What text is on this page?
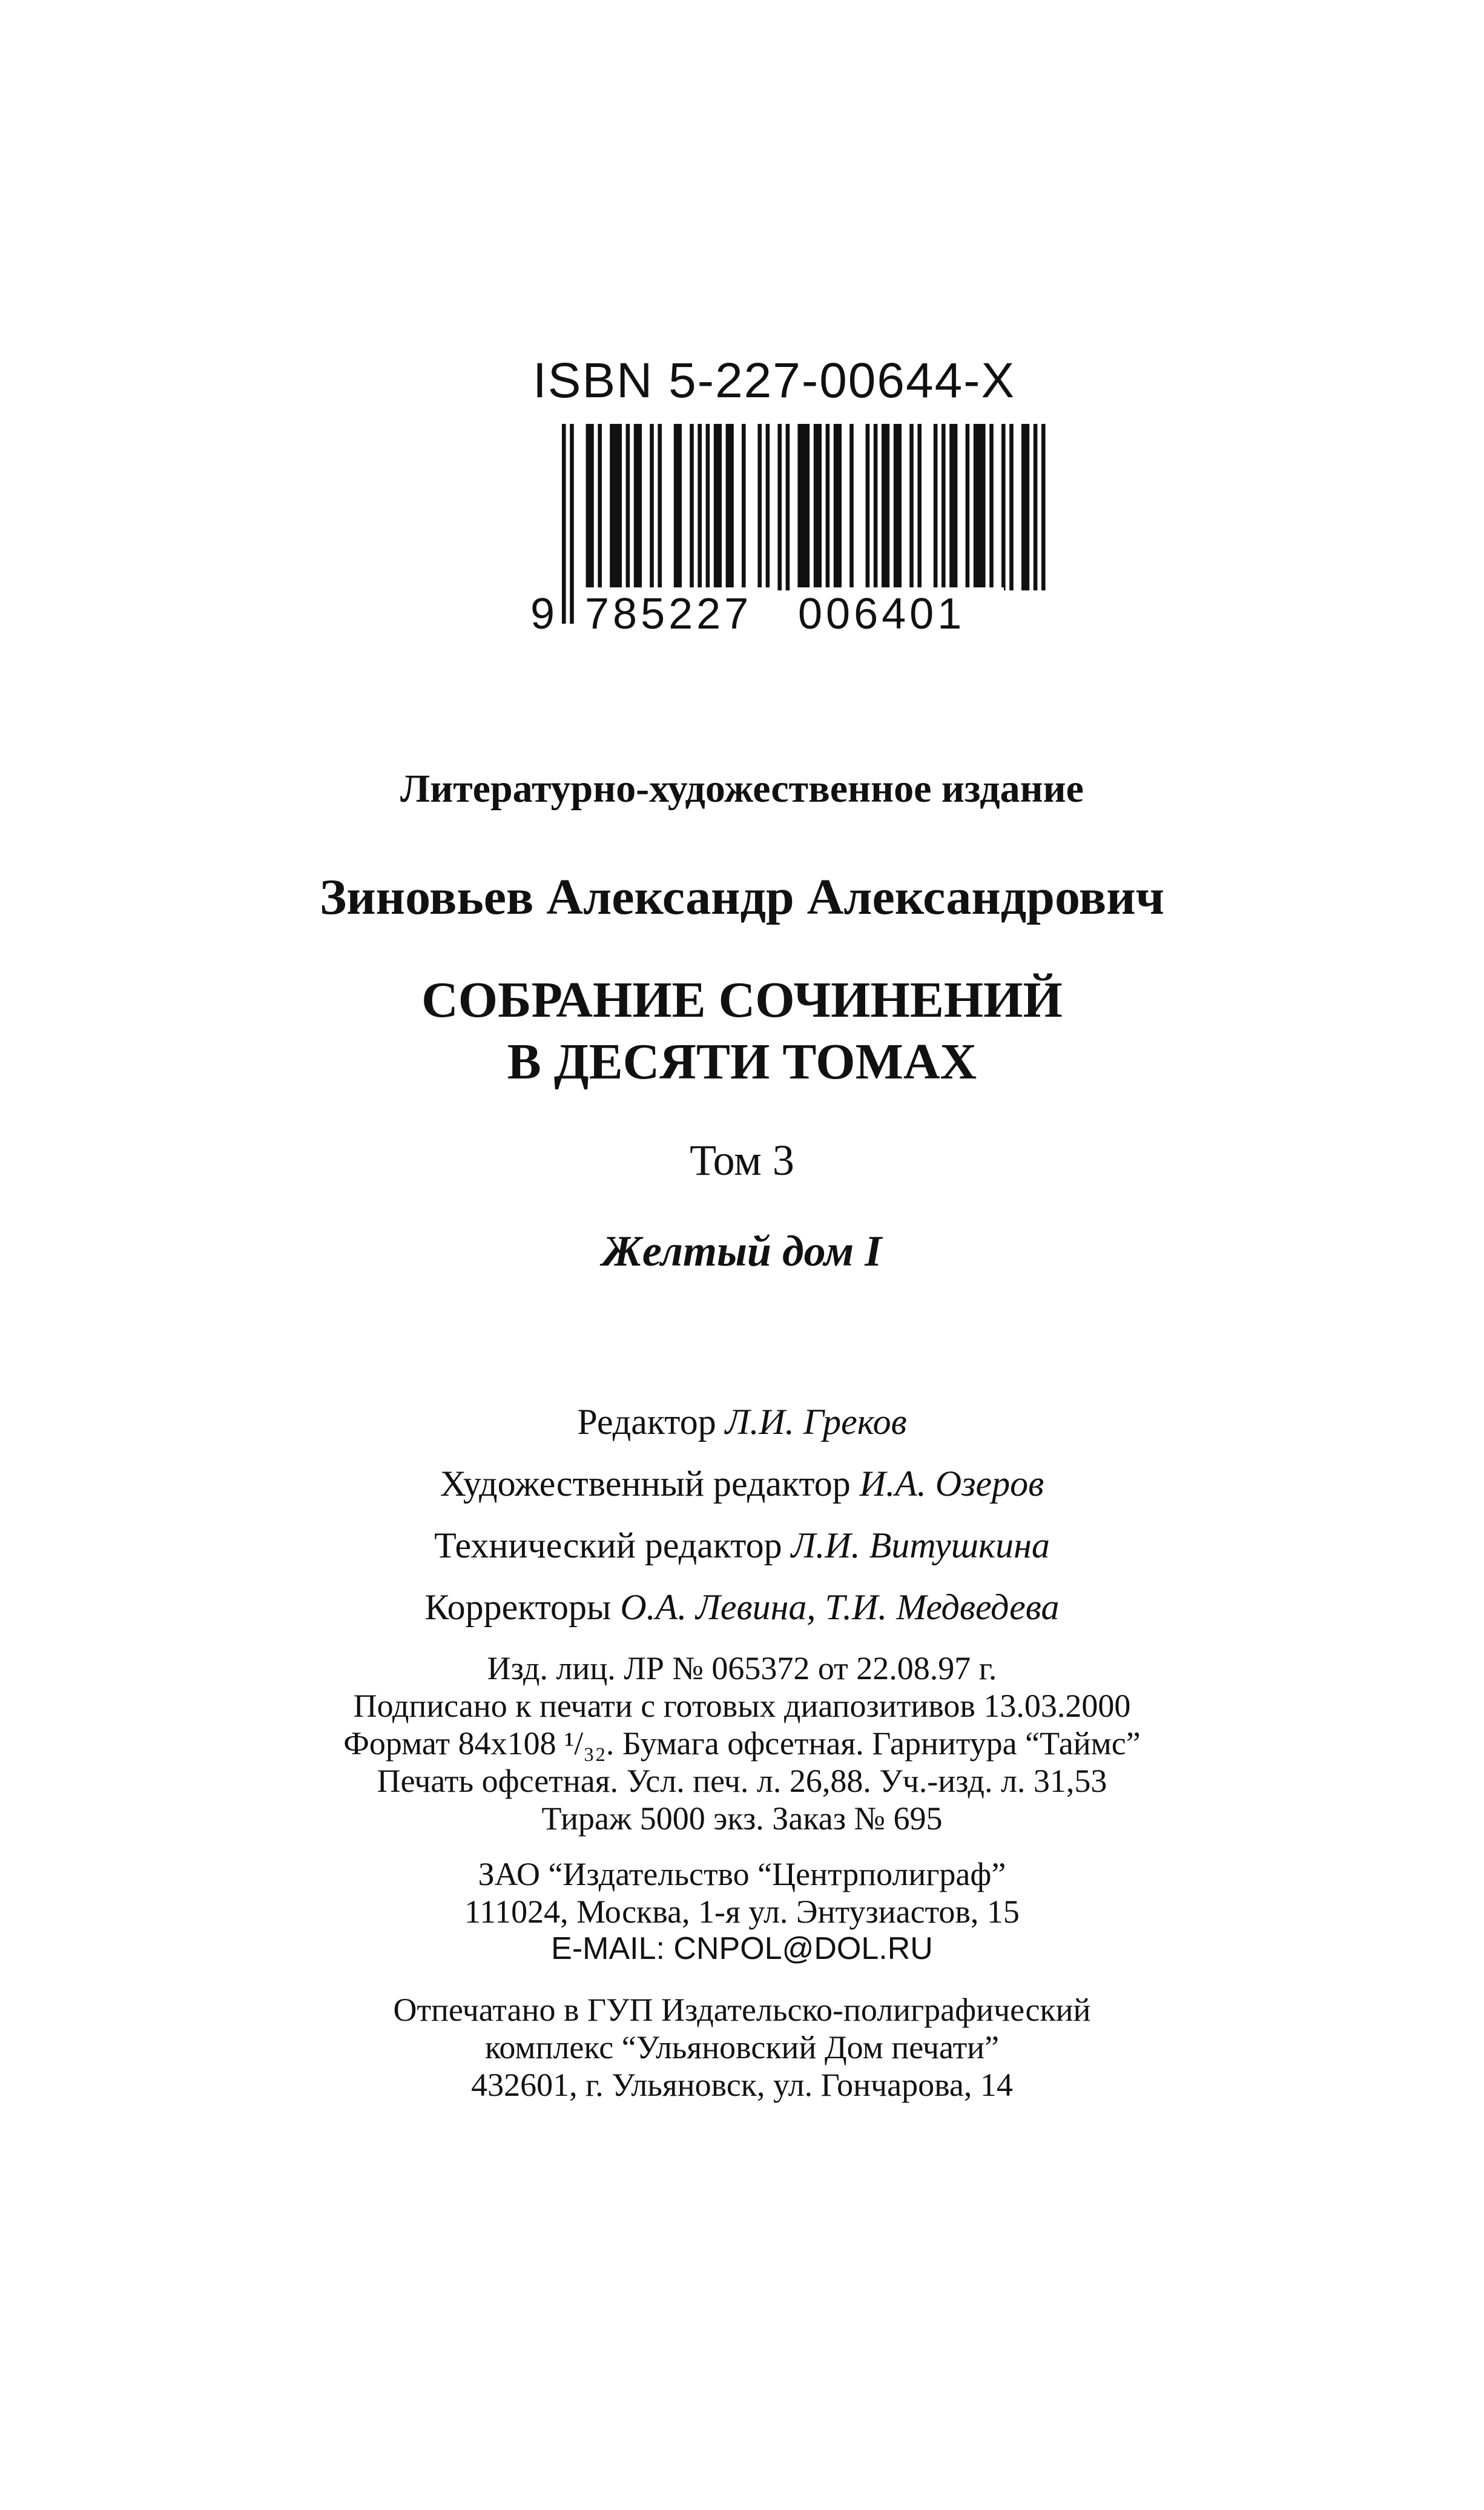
ISBN 5-227-00644-X
9 785227 006401
Литературно-художественное издание
Зиновьев Александр Александрович
СОБРАНИЕ СОЧИНЕНИЙ
В ДЕСЯТИ ТОМАХ
Том 3
Желтый дом I
Редактор Л.И. Греков
Художественный редактор И.А. Озеров
Технический редактор Л.И. Витушкина
Корректоры О.А. Левина, Т.И. Медведева
Изд. лиц. ЛР № 065372 от 22.08.97 г.
Подписано к печати с готовых диапозитивов 13.03.2000
Формат 84x108 ¹/₃₂. Бумага офсетная. Гарнитура “Таймс”
Печать офсетная. Усл. печ. л. 26,88. Уч.-изд. л. 31,53
Тираж 5000 экз. Заказ № 695
ЗАО “Издательство “Центрполиграф”
111024, Москва, 1-я ул. Энтузиастов, 15
E-MAIL: CNPOL@DOL.RU
Отпечатано в ГУП Издательско-полиграфический
комплекс “Ульяновский Дом печати”
432601, г. Ульяновск, ул. Гончарова, 14
